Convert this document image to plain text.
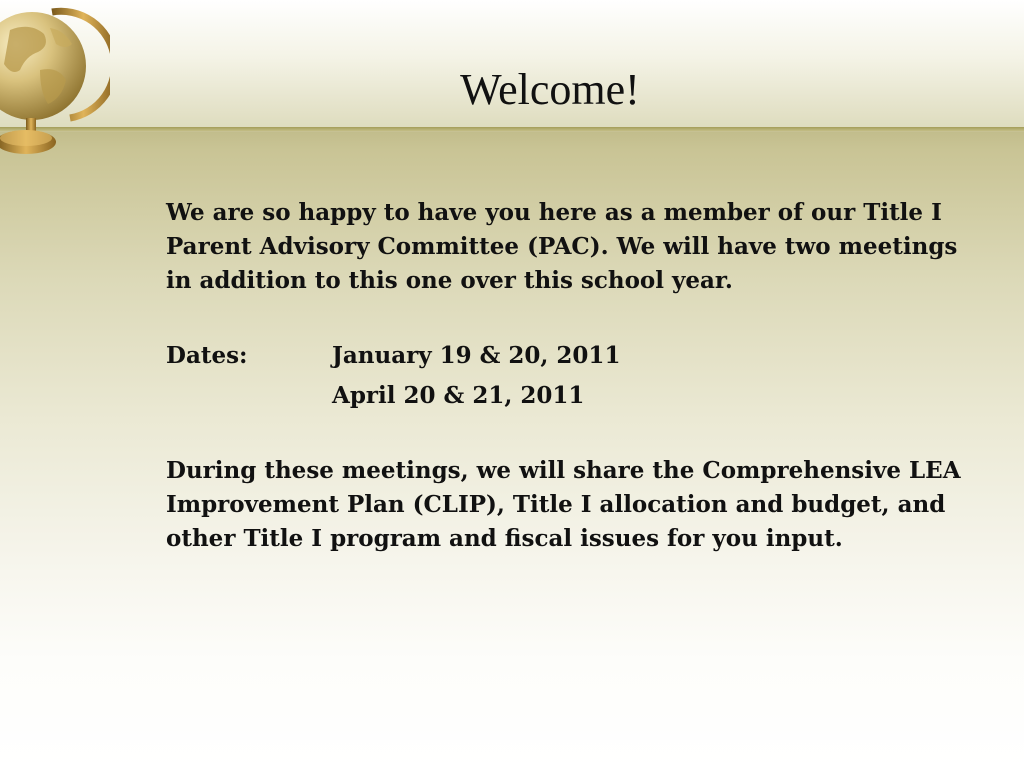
Welcome!

We are so happy to have you here as a member of our Title I Parent Advisory Committee (PAC). We will have two meetings in addition to this one over this school year.

Dates:	January 19 & 20, 2011
April 20 & 21, 2011

During these meetings, we will share the Comprehensive LEA Improvement Plan (CLIP), Title I allocation and budget, and other Title I program and fiscal issues for you input.
